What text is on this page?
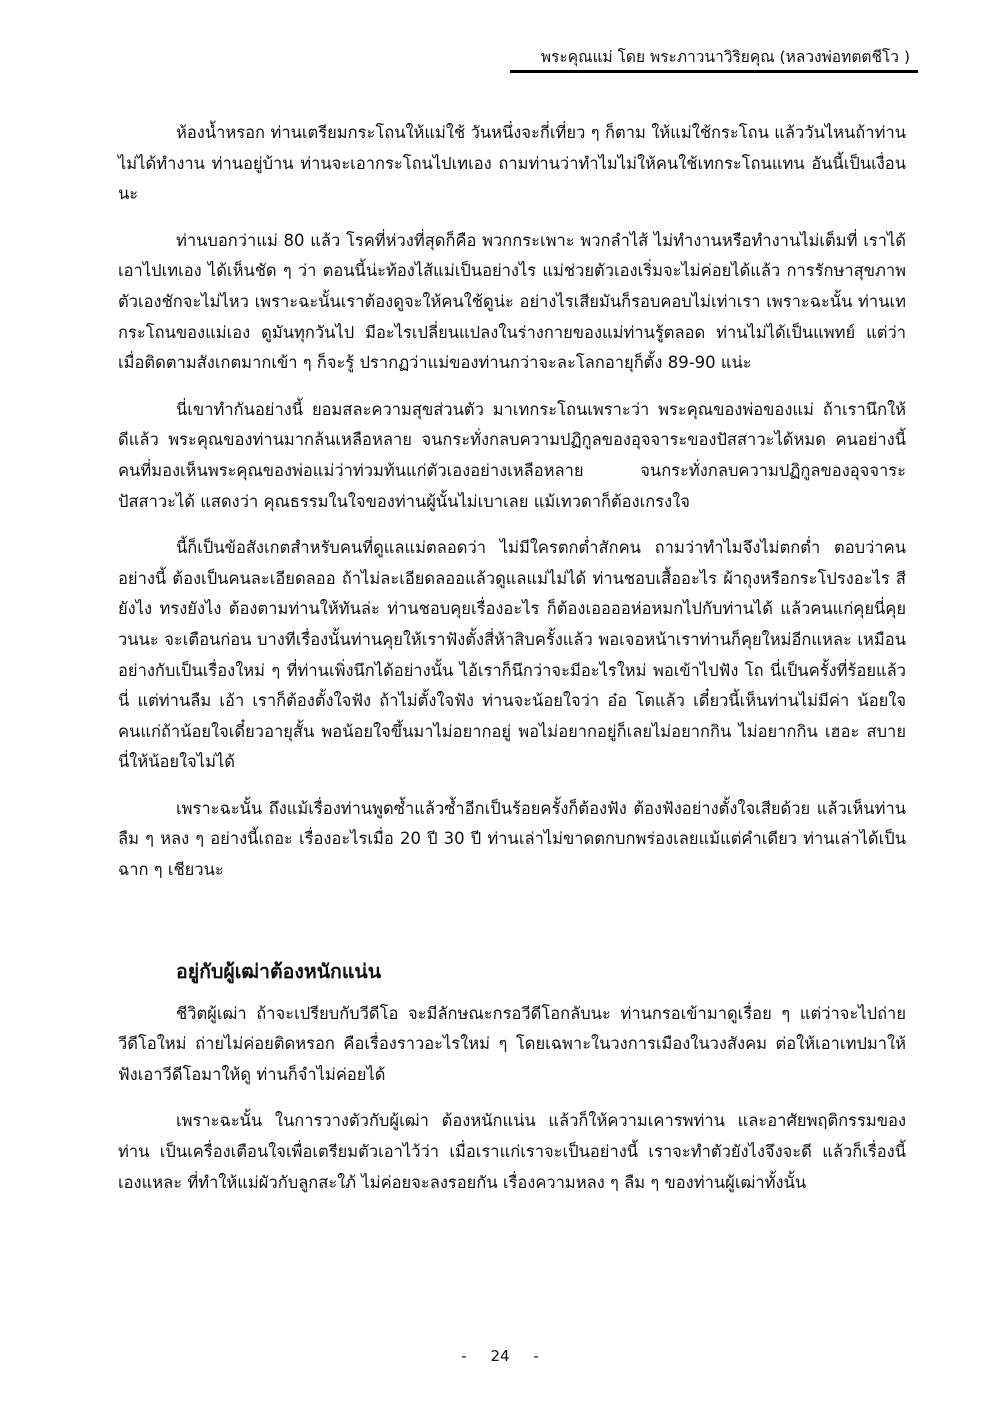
พระคุณแม่ โดย พระภาวนาวิริยคุณ (หลวงพ่อทตตชีโว )

ห้องน้ำหรอก ท่านเตรียมกระโถนให้แม่ใช้ วันหนึ่งจะกี่เที่ยว ๆ ก็ตาม ให้แม่ใช้กระโถน แล้ววันไหนถ้าท่านไม่ได้ทำงาน ท่านอยู่บ้าน ท่านจะเอากระโถนไปเทเอง ถามท่านว่าทำไมไม่ให้คนใช้เทกระโถนแทน อันนี้เป็นเงื่อนนะ

ท่านบอกว่าแม่ 80 แล้ว โรคที่ห่วงที่สุดก็คือ พวกกระเพาะ พวกลำไส้ ไม่ทำงานหรือทำงานไม่เต็มที่ เราได้เอาไปเทเอง ได้เห็นชัด ๆ ว่า ตอนนี้น่ะท้องไส้แม่เป็นอย่างไร แม่ช่วยตัวเองเริ่มจะไม่ค่อยได้แล้ว การรักษาสุขภาพตัวเองชักจะไม่ไหว เพราะฉะนั้นเราต้องดูจะให้คนใช้ดูน่ะ อย่างไรเสียมันก็รอบคอบไม่เท่าเรา เพราะฉะนั้น ท่านเทกระโถนของแม่เอง ดูมันทุกวันไป มีอะไรเปลี่ยนแปลงในร่างกายของแม่ท่านรู้ตลอด ท่านไม่ได้เป็นแพทย์ แต่ว่าเมื่อติดตามสังเกตมากเข้า ๆ ก็จะรู้ ปรากฏว่าแม่ของท่านกว่าจะละโลกอายุก็ตั้ง 89-90 แน่ะ

นี่เขาทำกันอย่างนี้ ยอมสละความสุขส่วนตัว มาเทกระโถนเพราะว่า พระคุณของพ่อของแม่ ถ้าเรานึกให้ดีแล้ว พระคุณของท่านมากล้นเหลือหลาย จนกระทั่งกลบความปฏิกูลของอุจจาระของปัสสาวะได้หมด คนอย่างนี้ คนที่มองเห็นพระคุณของพ่อแม่ว่าท่วมท้นแก่ตัวเองอย่างเหลือหลาย จนกระทั่งกลบความปฏิกูลของอุจจาระปัสสาวะได้ แสดงว่า คุณธรรมในใจของท่านผู้นั้นไม่เบาเลย แม้เทวดาก็ต้องเกรงใจ

นี้ก็เป็นข้อสังเกตสำหรับคนที่ดูแลแม่ตลอดว่า ไม่มีใครตกต่ำสักคน ถามว่าทำไมจึงไม่ตกต่ำ ตอบว่าคนอย่างนี้ ต้องเป็นคนละเอียดลออ ถ้าไม่ละเอียดลออแล้วดูแลแม่ไม่ได้ ท่านชอบเสื้ออะไร ผ้าถุงหรือกระโปรงอะไร สียังไง ทรงยังไง ต้องตามท่านให้ทันล่ะ ท่านชอบคุยเรื่องอะไร ก็ต้องเออออห่อหมกไปกับท่านได้ แล้วคนแก่คุยนี่คุยวนนะ จะเตือนก่อน บางทีเรื่องนั้นท่านคุยให้เราฟังตั้งสี่ห้าสิบครั้งแล้ว พอเจอหน้าเราท่านก็คุยใหม่อีกแหละ เหมือนอย่างกับเป็นเรื่องใหม่ ๆ ที่ท่านเพิ่งนึกได้อย่างนั้น ไอ้เราก็นึกว่าจะมีอะไรใหม่ พอเข้าไปฟัง โถ นี่เป็นครั้งที่ร้อยแล้วนี่ แต่ท่านลืม เอ้า เราก็ต้องตั้งใจฟัง ถ้าไม่ตั้งใจฟัง ท่านจะน้อยใจว่า อ๋อ โตแล้ว เดี๋ยวนี้เห็นท่านไม่มีค่า น้อยใจ คนแก่ถ้าน้อยใจเดี๋ยวอายุสั้น พอน้อยใจขึ้นมาไม่อยากอยู่ พอไม่อยากอยู่ก็เลยไม่อยากกิน ไม่อยากกิน เฮอะ สบาย นี่ให้น้อยใจไม่ได้

เพราะฉะนั้น ถึงแม้เรื่องท่านพูดซ้ำแล้วซ้ำอีกเป็นร้อยครั้งก็ต้องฟัง ต้องฟังอย่างตั้งใจเสียด้วย แล้วเห็นท่านลืม ๆ หลง ๆ อย่างนี้เถอะ เรื่องอะไรเมื่อ 20 ปี 30 ปี ท่านเล่าไม่ขาดตกบกพร่องเลยแม้แต่คำเดียว ท่านเล่าได้เป็นฉาก ๆ เชียวนะ

อยู่กับผู้เฒ่าต้องหนักแน่น

ชีวิตผู้เฒ่า ถ้าจะเปรียบกับวีดีโอ จะมีลักษณะกรอวีดีโอกลับนะ ท่านกรอเข้ามาดูเรื่อย ๆ แต่ว่าจะไปถ่ายวีดีโอใหม่ ถ่ายไม่ค่อยติดหรอก คือเรื่องราวอะไรใหม่ ๆ โดยเฉพาะในวงการเมืองในวงสังคม ต่อให้เอาเทปมาให้ฟังเอาวีดีโอมาให้ดู ท่านก็จำไม่ค่อยได้

เพราะฉะนั้น ในการวางตัวกับผู้เฒ่า ต้องหนักแน่น แล้วก็ให้ความเคารพท่าน และอาศัยพฤติกรรมของท่าน เป็นเครื่องเตือนใจเพื่อเตรียมตัวเอาไว้ว่า เมื่อเราแก่เราจะเป็นอย่างนี้ เราจะทำตัวยังไงจึงจะดี แล้วก็เรื่องนี้เองแหละ ที่ทำให้แม่ผัวกับลูกสะใภ้ ไม่ค่อยจะลงรอยกัน เรื่องความหลง ๆ ลืม ๆ ของท่านผู้เฒ่าทั้งนั้น

-     24     -
